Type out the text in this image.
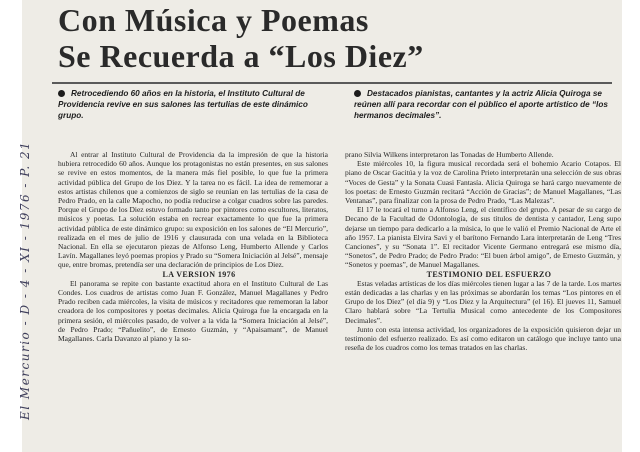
Con Música y Poemas
Se Recuerda a “Los Diez”

Retrocediendo 60 años en la historia, el Instituto Cultural de Providencia revive en sus salones las tertulias de este dinámico grupo.

Destacados pianistas, cantantes y la actriz Alicia Quiroga se reúnen allí para recordar con el público el aporte artístico de “los hermanos decimales”.

Al entrar al Instituto Cultural de Providencia da la impresión de que la historia hubiera retrocedido 60 años. Aunque los protagonistas no están presentes, en sus salones se revive en estos momentos, de la manera más fiel posible, lo que fue la primera actividad pública del Grupo de los Diez. Y la tarea no es fácil. La idea de rememorar a estos artistas chilenos que a comienzos de siglo se reunían en las tertulias de la casa de Pedro Prado, en la calle Mapocho, no podía reducirse a colgar cuadros sobre las paredes. Porque el Grupo de los Diez estuvo formado tanto por pintores como escultores, literatos, músicos y poetas. La solución estaba en recrear exactamente lo que fue la primera actividad pública de este dinámico grupo: su exposición en los salones de “El Mercurio”, realizada en el mes de julio de 1916 y clausurada con una velada en la Biblioteca Nacional. En ella se ejecutaron piezas de Alfonso Leng, Humberto Allende y Carlos Lavín. Magallanes leyó poemas propios y Prado su “Somera Iniciación al Jelsé”, mensaje que, entre bromas, pretendía ser una declaración de principios de Los Diez.

LA VERSION 1976

El panorama se repite con bastante exactitud ahora en el Instituto Cultural de Las Condes. Los cuadros de artistas como Juan F. González, Manuel Magallanes y Pedro Prado reciben cada miércoles, la visita de músicos y recitadores que rememoran la labor creadora de los compositores y poetas decimales. Alicia Quiroga fue la encargada en la primera sesión, el miércoles pasado, de volver a la vida la “Somera Iniciación al Jelsé”, de Pedro Prado; “Pañuelito”, de Ernesto Guzmán, y “Apaisamant”, de Manuel Magallanes. Carla Davanzo al piano y la so-

prano Silvia Wilkens interpretaron las Tonadas de Humberto Allende.

Este miércoles 10, la figura musical recordada será el bohemio Acario Cotapos. El piano de Oscar Gacitúa y la voz de Carolina Prieto interpretarán una selección de sus obras “Voces de Gesta” y la Sonata Cuasi Fantasía. Alicia Quiroga se hará cargo nuevamente de los poetas: de Ernesto Guzmán recitará “Acción de Gracias”; de Manuel Magallanes, “Las Ventanas”, para finalizar con la prosa de Pedro Prado, “Las Malezas”.

El 17 le tocará el turno a Alfonso Leng, el científico del grupo. A pesar de su cargo de Decano de la Facultad de Odontología, de sus títulos de dentista y cantador, Leng supo dejarse un tiempo para dedicarlo a la música, lo que le valió el Premio Nacional de Arte el año 1957. La pianista Elvira Savi y el barítono Fernando Lara interpretarán de Leng “Tres Canciones”, y su “Sonata 1”. El recitador Vicente Germano entregará ese mismo día, “Sonetos”, de Pedro Prado; de Pedro Prado: “El buen árbol amigo”, de Ernesto Guzmán, y “Sonetos y poemas”, de Manuel Magallanes.

TESTIMONIO DEL ESFUERZO

Estas veladas artísticas de los días miércoles tienen lugar a las 7 de la tarde. Los martes están dedicadas a las charlas y en las próximas se abordarán los temas “Los pintores en el Grupo de los Diez” (el día 9) y “Los Diez y la Arquitectura” (el 16). El jueves 11, Samuel Claro hablará sobre “La Tertulia Musical como antecedente de los Compositores Decimales”.

Junto con esta intensa actividad, los organizadores de la exposición quisieron dejar un testimonio del esfuerzo realizado. Es así como editaron un catálogo que incluye tanto una reseña de los cuadros como los temas tratados en las charlas.

El Mercurio - D - 4 - XI - 1976 - P. 21
